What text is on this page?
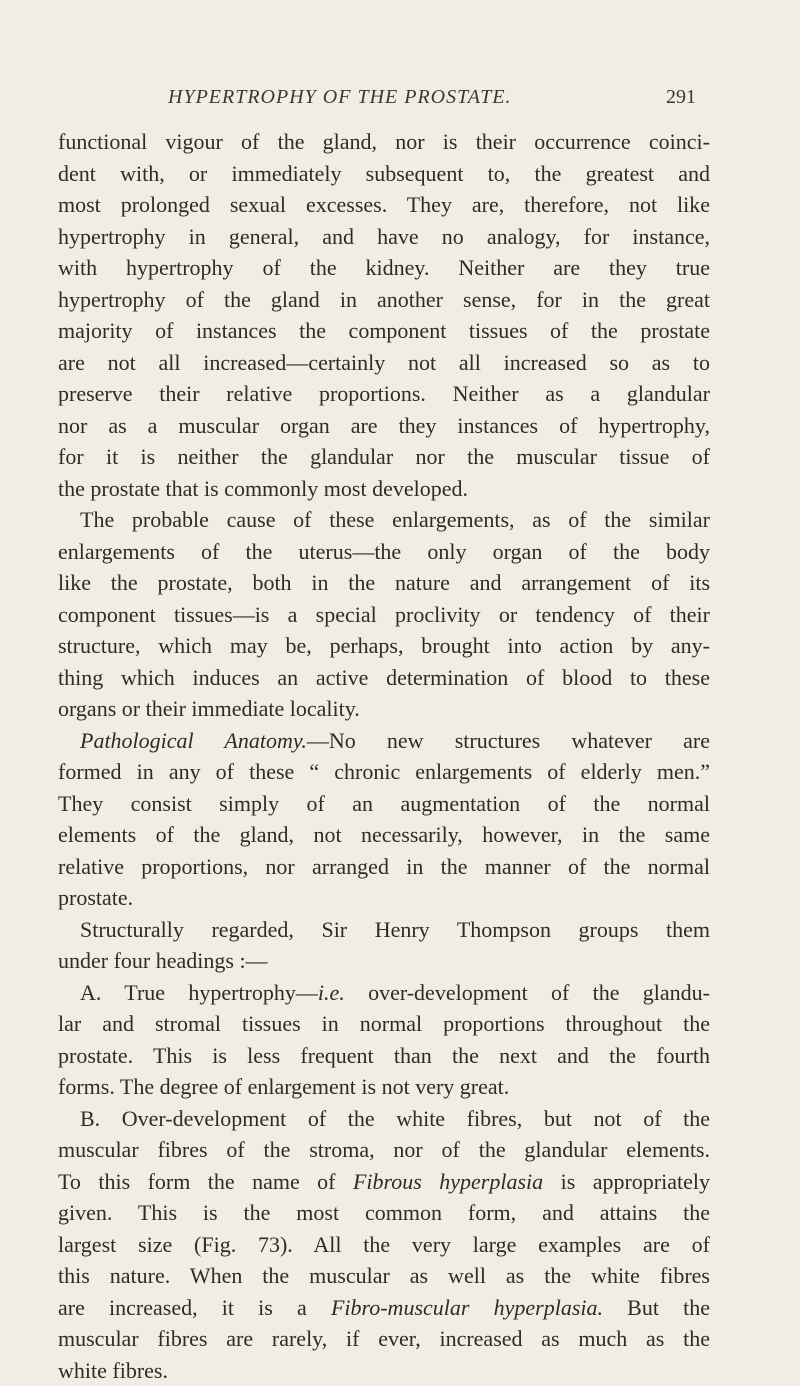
HYPERTROPHY OF THE PROSTATE.	291
functional vigour of the gland, nor is their occurrence coinci-
dent with, or immediately subsequent to, the greatest and
most prolonged sexual excesses. They are, therefore, not like
hypertrophy in general, and have no analogy, for instance,
with hypertrophy of the kidney. Neither are they true
hypertrophy of the gland in another sense, for in the great
majority of instances the component tissues of the prostate
are not all increased—certainly not all increased so as to
preserve their relative proportions. Neither as a glandular
nor as a muscular organ are they instances of hypertrophy,
for it is neither the glandular nor the muscular tissue of
the prostate that is commonly most developed.
The probable cause of these enlargements, as of the similar
enlargements of the uterus—the only organ of the body
like the prostate, both in the nature and arrangement of its
component tissues—is a special proclivity or tendency of their
structure, which may be, perhaps, brought into action by any-
thing which induces an active determination of blood to these
organs or their immediate locality.
Pathological Anatomy.—No new structures whatever are
formed in any of these “ chronic enlargements of elderly men.”
They consist simply of an augmentation of the normal
elements of the gland, not necessarily, however, in the same
relative proportions, nor arranged in the manner of the normal
prostate.
Structurally regarded, Sir Henry Thompson groups them
under four headings :—
A. True hypertrophy—i.e. over-development of the glandu-
lar and stromal tissues in normal proportions throughout the
prostate. This is less frequent than the next and the fourth
forms. The degree of enlargement is not very great.
B. Over-development of the white fibres, but not of the
muscular fibres of the stroma, nor of the glandular elements.
To this form the name of Fibrous hyperplasia is appropriately
given. This is the most common form, and attains the
largest size (Fig. 73). All the very large examples are of
this nature. When the muscular as well as the white fibres
are increased, it is a Fibro-muscular hyperplasia. But the
muscular fibres are rarely, if ever, increased as much as the
white fibres.
